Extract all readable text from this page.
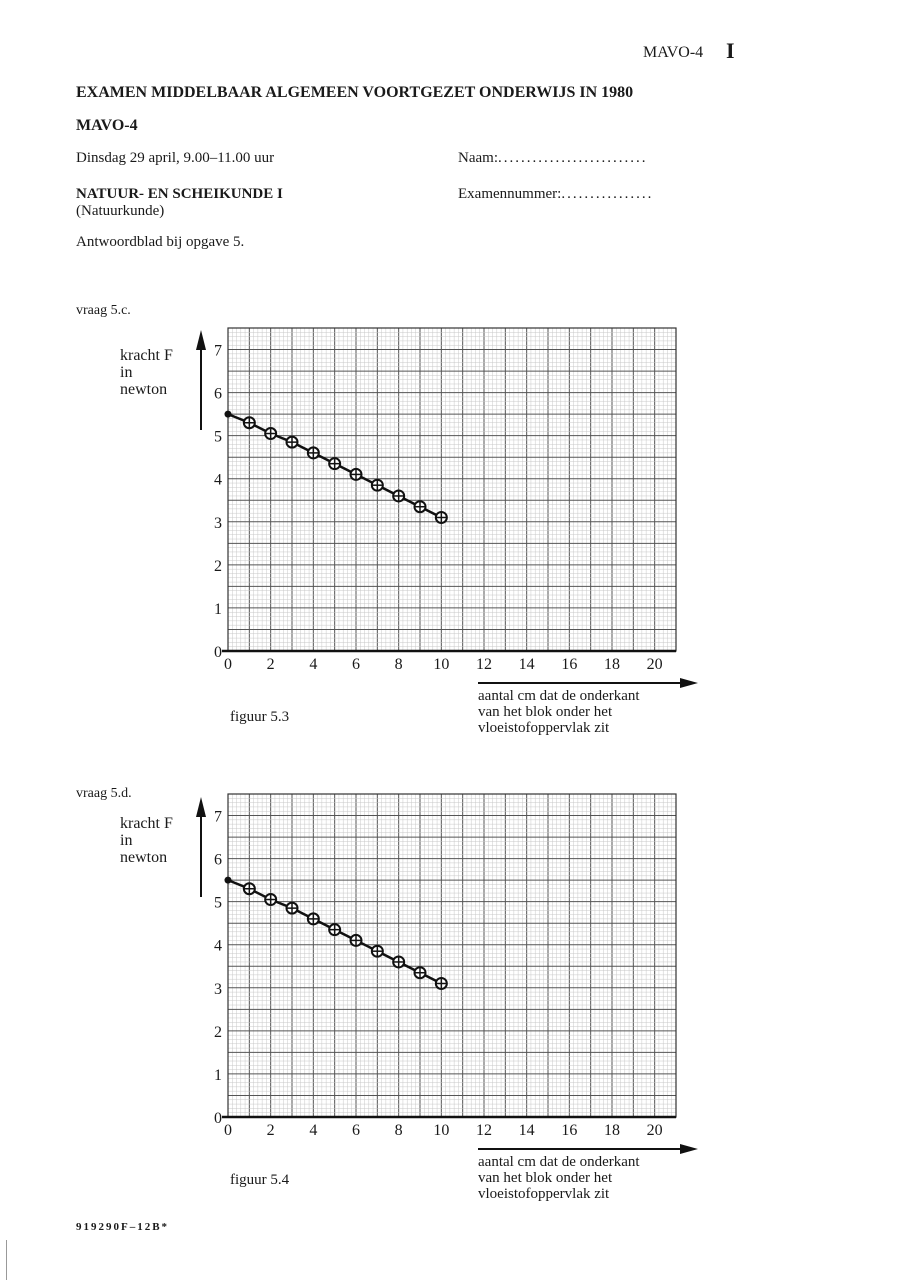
MAVO-4 I
EXAMEN MIDDELBAAR ALGEMEEN VOORTGEZET ONDERWIJS IN 1980
MAVO-4
Dinsdag 29 april, 9.00–11.00 uur	Naam:..........................
NATUUR- EN SCHEIKUNDE I
(Natuurkunde)
Examennummer:................
Antwoordblad bij opgave 5.
vraag 5.c.
kracht F
in
newton
0
1
2
3
4
5
6
7
0 2 4 6 8 10 12 14 16 18 20
aantal cm dat de onderkant
van het blok onder het
vloeistofoppervlak zit
figuur 5.3
vraag 5.d.
kracht F
in
newton
0
1
2
3
4
5
6
7
0 2 4 6 8 10 12 14 16 18 20
aantal cm dat de onderkant
van het blok onder het
vloeistofoppervlak zit
figuur 5.4
919290F–12B*
